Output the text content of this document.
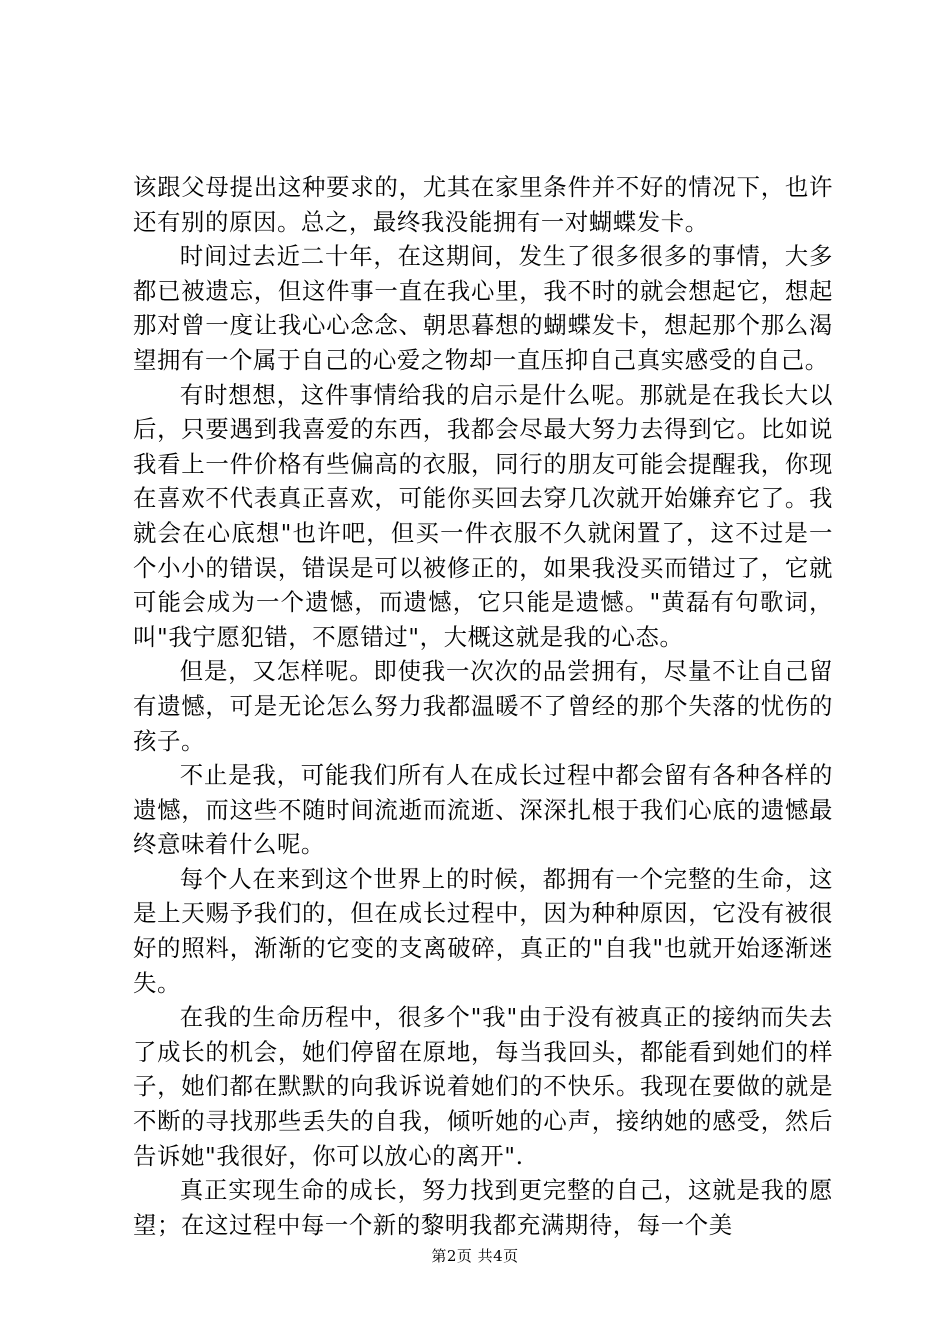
该跟父母提出这种要求的，尤其在家里条件并不好的情况下，也许还有别的原因。总之，最终我没能拥有一对蝴蝶发卡。

时间过去近二十年，在这期间，发生了很多很多的事情，大多都已被遗忘，但这件事一直在我心里，我不时的就会想起它，想起那对曾一度让我心心念念、朝思暮想的蝴蝶发卡，想起那个那么渴望拥有一个属于自己的心爱之物却一直压抑自己真实感受的自己。

有时想想，这件事情给我的启示是什么呢。那就是在我长大以后，只要遇到我喜爱的东西，我都会尽最大努力去得到它。比如说我看上一件价格有些偏高的衣服，同行的朋友可能会提醒我，你现在喜欢不代表真正喜欢，可能你买回去穿几次就开始嫌弃它了。我就会在心底想"也许吧，但买一件衣服不久就闲置了，这不过是一个小小的错误，错误是可以被修正的，如果我没买而错过了，它就可能会成为一个遗憾，而遗憾，它只能是遗憾。"黄磊有句歌词，叫"我宁愿犯错，不愿错过"，大概这就是我的心态。

但是，又怎样呢。即使我一次次的品尝拥有，尽量不让自己留有遗憾，可是无论怎么努力我都温暖不了曾经的那个失落的忧伤的孩子。

不止是我，可能我们所有人在成长过程中都会留有各种各样的遗憾，而这些不随时间流逝而流逝、深深扎根于我们心底的遗憾最终意味着什么呢。

每个人在来到这个世界上的时候，都拥有一个完整的生命，这是上天赐予我们的，但在成长过程中，因为种种原因，它没有被很好的照料，渐渐的它变的支离破碎，真正的"自我"也就开始逐渐迷失。

在我的生命历程中，很多个"我"由于没有被真正的接纳而失去了成长的机会，她们停留在原地，每当我回头，都能看到她们的样子，她们都在默默的向我诉说着她们的不快乐。我现在要做的就是不断的寻找那些丢失的自我，倾听她的心声，接纳她的感受，然后告诉她"我很好，你可以放心的离开".

真正实现生命的成长，努力找到更完整的自己，这就是我的愿望；在这过程中每一个新的黎明我都充满期待，每一个美

第2页 共4页
